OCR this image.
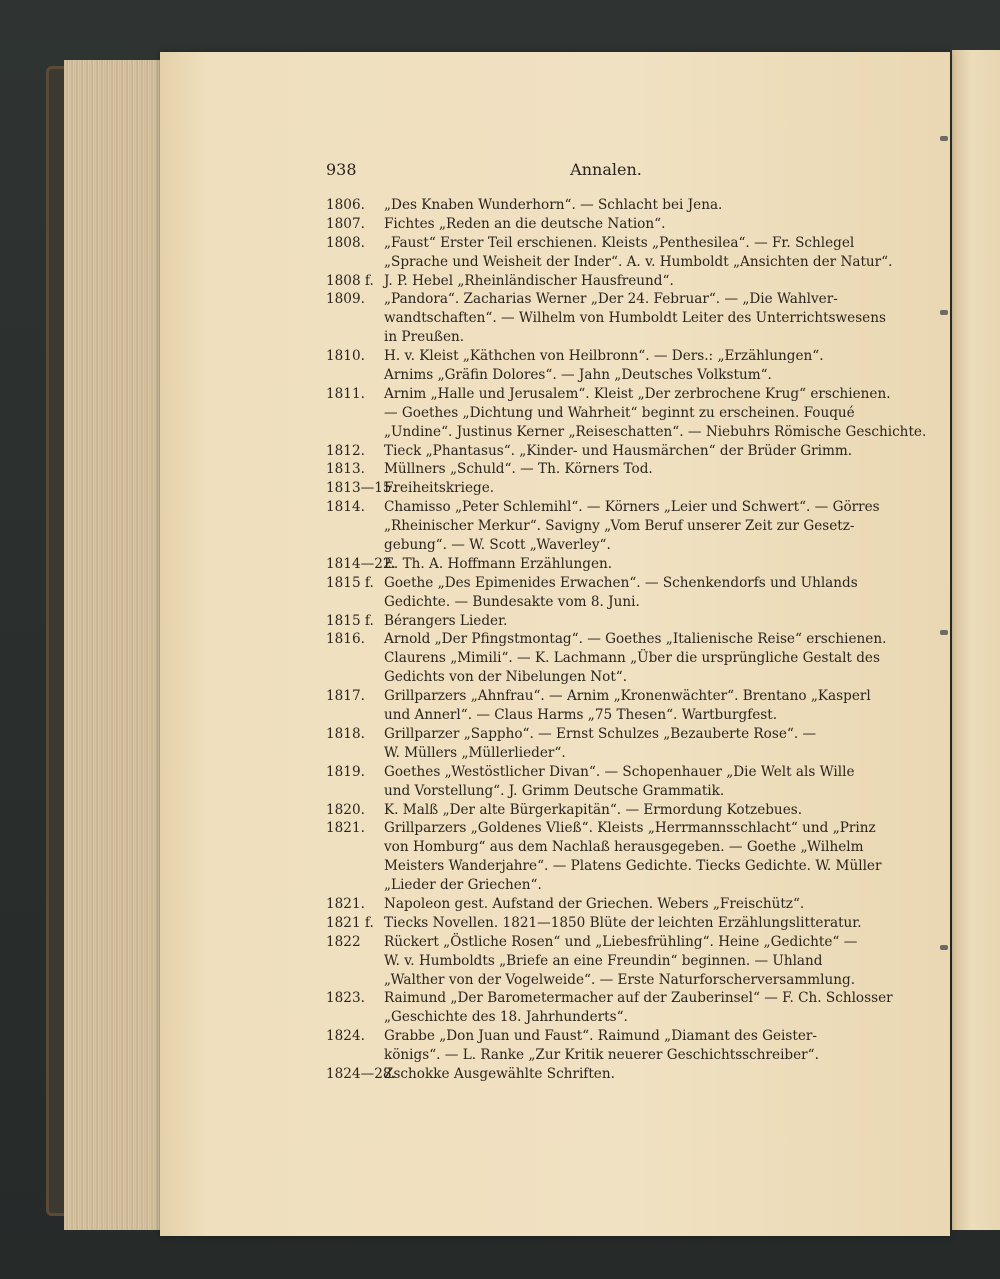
938	Annalen.
1806. „Des Knaben Wunderhorn“. — Schlacht bei Jena.
1807. Fichtes „Reden an die deutsche Nation“.
1808. „Faust“ Erster Teil erschienen. Kleists „Penthesilea“. — Fr. Schlegel
„Sprache und Weisheit der Inder“. A. v. Humboldt „Ansichten der Natur“.
1808 f. J. P. Hebel „Rheinländischer Hausfreund“.
1809. „Pandora“. Zacharias Werner „Der 24. Februar“. — „Die Wahlver-
wandtschaften“. — Wilhelm von Humboldt Leiter des Unterrichtswesens
in Preußen.
1810. H. v. Kleist „Käthchen von Heilbronn“. — Ders.: „Erzählungen“.
Arnims „Gräfin Dolores“. — Jahn „Deutsches Volkstum“.
1811. Arnim „Halle und Jerusalem“. Kleist „Der zerbrochene Krug“ erschienen.
— Goethes „Dichtung und Wahrheit“ beginnt zu erscheinen. Fouqué
„Undine“. Justinus Kerner „Reiseschatten“. — Niebuhrs Römische Geschichte.
1812. Tieck „Phantasus“. „Kinder- und Hausmärchen“ der Brüder Grimm.
1813. Müllners „Schuld“. — Th. Körners Tod.
1813—15.
Freiheitskriege.
1814. Chamisso „Peter Schlemihl“. — Körners „Leier und Schwert“. — Görres
„Rheinischer Merkur“. Savigny „Vom Beruf unserer Zeit zur Gesetz-
gebung“. — W. Scott „Waverley“.
1814—22.
E. Th. A. Hoffmann Erzählungen.
1815 f. Goethe „Des Epimenides Erwachen“. — Schenkendorfs und Uhlands
Gedichte. — Bundesakte vom 8. Juni.
1815 f. Bérangers Lieder.
1816. Arnold „Der Pfingstmontag“. — Goethes „Italienische Reise“ erschienen.
Claurens „Mimili“. — K. Lachmann „Über die ursprüngliche Gestalt des
Gedichts von der Nibelungen Not“.
1817. Grillparzers „Ahnfrau“. — Arnim „Kronenwächter“. Brentano „Kasperl
und Annerl“. — Claus Harms „75 Thesen“. Wartburgfest.
1818. Grillparzer „Sappho“. — Ernst Schulzes „Bezauberte Rose“. —
W. Müllers „Müllerlieder“.
1819. Goethes „Westöstlicher Divan“. — Schopenhauer „Die Welt als Wille
und Vorstellung“. J. Grimm Deutsche Grammatik.
1820. K. Malß „Der alte Bürgerkapitän“. — Ermordung Kotzebues.
1821. Grillparzers „Goldenes Vließ“. Kleists „Herrmannsschlacht“ und „Prinz
von Homburg“ aus dem Nachlaß herausgegeben. — Goethe „Wilhelm
Meisters Wanderjahre“. — Platens Gedichte. Tiecks Gedichte. W. Müller
„Lieder der Griechen“.
1821. Napoleon gest. Aufstand der Griechen. Webers „Freischütz“.
1821 f. Tiecks Novellen. 1821—1850 Blüte der leichten Erzählungslitteratur.
1822 Rückert „Östliche Rosen“ und „Liebesfrühling“. Heine „Gedichte“ —
W. v. Humboldts „Briefe an eine Freundin“ beginnen. — Uhland
„Walther von der Vogelweide“. — Erste Naturforscherversammlung.
1823. Raimund „Der Barometermacher auf der Zauberinsel“ — F. Ch. Schlosser
„Geschichte des 18. Jahrhunderts“.
1824. Grabbe „Don Juan und Faust“. Raimund „Diamant des Geister-
königs“. — L. Ranke „Zur Kritik neuerer Geschichtsschreiber“.
1824—28.
Zschokke Ausgewählte Schriften.
